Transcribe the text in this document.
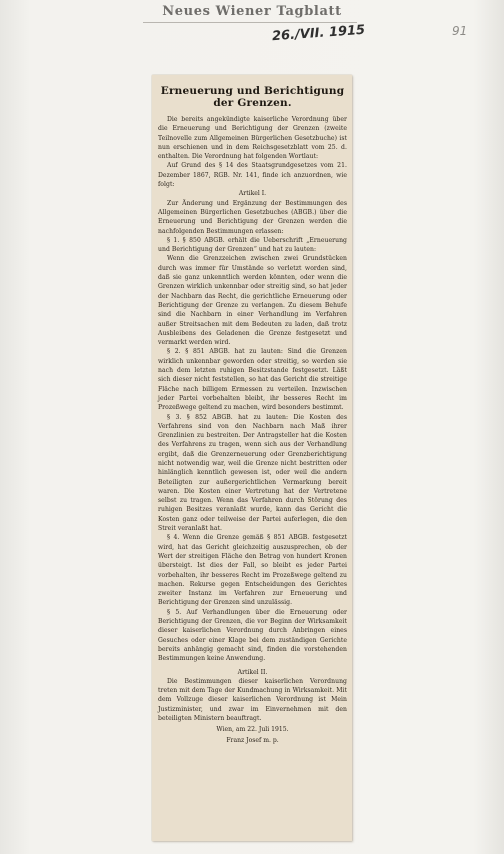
Neues Wiener Tagblatt
26./VII. 1915	91
Erneuerung und Berichtigung
der Grenzen.

Die bereits angekündigte kaiserliche Verordnung über die Erneuerung und Berichtigung der Grenzen (zweite Teilnovelle zum Allgemeinen Bürgerlichen Gesetzbuche) ist nun erschienen und in dem Reichsgesetzblatt vom 25. d. enthalten. Die Verordnung hat folgenden Wortlaut:

Auf Grund des § 14 des Staatsgrundgesetzes vom 21. Dezember 1867, RGB. Nr. 141, finde ich anzuordnen, wie folgt:

Artikel I.

Zur Änderung und Ergänzung der Bestimmungen des Allgemeinen Bürgerlichen Gesetzbuches (ABGB.) über die Erneuerung und Berichtigung der Grenzen werden die nachfolgenden Bestimmungen erlassen:

§ 1. § 850 ABGB. erhält die Ueberschrift „Erneuerung und Berichtigung der Grenzen“ und hat zu lauten:

Wenn die Grenzzeichen zwischen zwei Grundstücken durch was immer für Umstände so verletzt worden sind, daß sie ganz unkenntlich werden könnten, oder wenn die Grenzen wirklich unkennbar oder streitig sind, so hat jeder der Nachbarn das Recht, die gerichtliche Erneuerung oder Berichtigung der Grenze zu verlangen. Zu diesem Behufe sind die Nachbarn in einer Verhandlung im Verfahren außer Streitsachen mit dem Bedeuten zu laden, daß trotz Ausbleibens des Geladenen die Grenze festgesetzt und vermarkt werden wird.

§ 2. § 851 ABGB. hat zu lauten: Sind die Grenzen wirklich unkennbar geworden oder streitig, so werden sie nach dem letzten ruhigen Besitzstande festgesetzt. Läßt sich dieser nicht feststellen, so hat das Gericht die streitige Fläche nach billigem Ermessen zu verteilen. Inzwischen jeder Partei vorbehalten bleibt, ihr besseres Recht im Prozeßwege geltend zu machen, wird besonders bestimmt.

§ 3. § 852 ABGB. hat zu lauten: Die Kosten des Verfahrens sind von den Nachbarn nach Maß ihrer Grenzlinien zu bestreiten. Der Antragsteller hat die Kosten des Verfahrens zu tragen, wenn sich aus der Verhandlung ergibt, daß die Grenzerneuerung oder Grenzberichtigung nicht notwendig war, weil die Grenze nicht bestritten oder hinlänglich kenntlich gewesen ist, oder weil die andern Beteiligten zur außergerichtlichen Vermarkung bereit waren. Die Kosten einer Vertretung hat der Vertretene selbst zu tragen. Wenn das Verfahren durch Störung des ruhigen Besitzes veranlaßt wurde, kann das Gericht die Kosten ganz oder teilweise der Partei auferlegen, die den Streit veranlaßt hat.

§ 4. Wenn die Grenze gemäß § 851 ABGB. festgesetzt wird, hat das Gericht gleichzeitig auszusprechen, ob der Wert der streitigen Fläche den Betrag von hundert Kronen übersteigt. Ist dies der Fall, so bleibt es jeder Partei vorbehalten, ihr besseres Recht im Prozeßwege geltend zu machen. Rekurse gegen Entscheidungen des Gerichtes zweiter Instanz im Verfahren zur Erneuerung und Berichtigung der Grenzen sind unzulässig.

§ 5. Auf Verhandlungen über die Erneuerung oder Berichtigung der Grenzen, die vor Beginn der Wirksamkeit dieser kaiserlichen Verordnung durch Anbringen eines Gesuches oder einer Klage bei dem zuständigen Gerichte bereits anhängig gemacht sind, finden die vorstehenden Bestimmungen keine Anwendung.

Artikel II.

Die Bestimmungen dieser kaiserlichen Verordnung treten mit dem Tage der Kundmachung in Wirksamkeit. Mit dem Vollzuge dieser kaiserlichen Verordnung ist Mein Justizminister, und zwar im Einvernehmen mit den beteiligten Ministern beauftragt.

Wien, am 22. Juli 1915.

Franz Josef m. p.
